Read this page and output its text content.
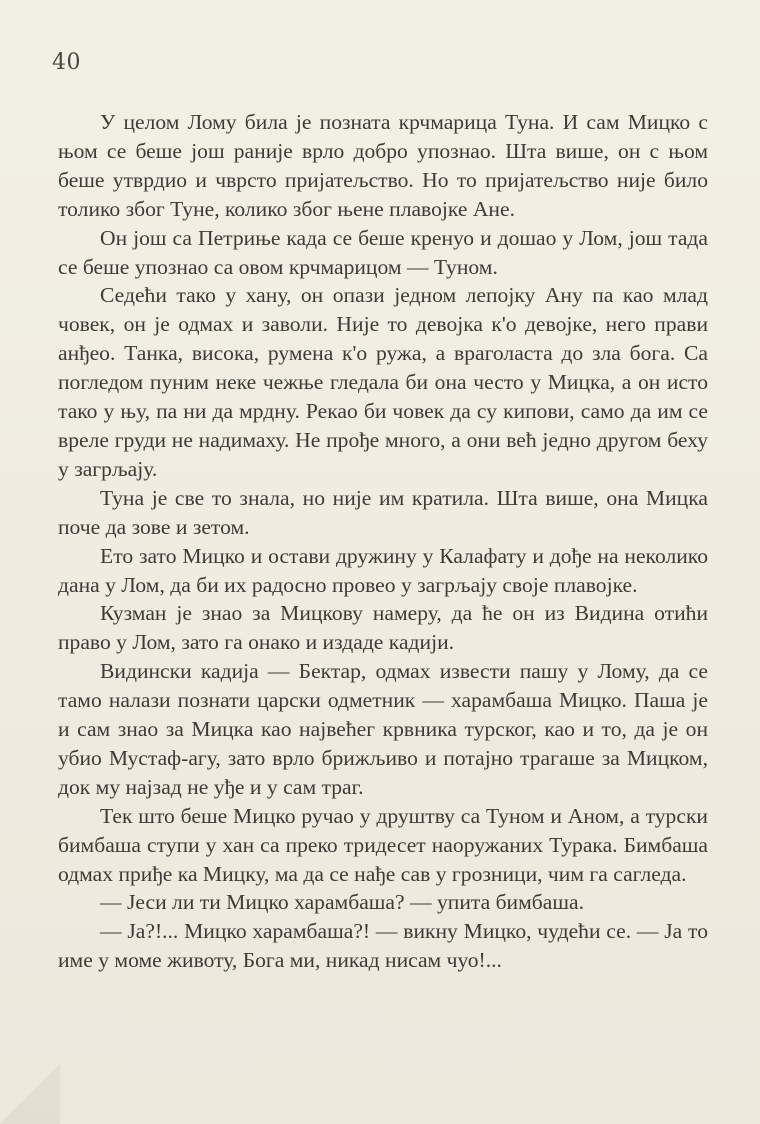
40

У целом Лому била је позната крчмарица Туна. И сам Мицко с њом се беше још раније врло добро упознао. Шта више, он с њом беше утврдио и чврсто пријатељство. Но то пријатељство није било толико због Туне, колико због њене плавојке Ане.

Он још са Петриње када се беше кренуо и дошао у Лом, још тада се беше упознао са овом крчмарицом — Туном.

Седећи тако у хану, он опази једном лепојку Ану па као млад човек, он је одмах и заволи. Није то девојка к'о девојке, него прави анђео. Танка, висока, румена к'о ружа, а враголаста до зла бога. Са погледом пуним неке чежње гледала би она често у Мицка, а он исто тако у њу, па ни да мрдну. Рекао би човек да су кипови, само да им се вреле груди не надимаху. Не прође много, а они већ једно другом беху у загрљају.

Туна је све то знала, но није им кратила. Шта више, она Мицка поче да зове и зетом.

Ето зато Мицко и остави дружину у Калафату и дође на неколико дана у Лом, да би их радосно провео у загрљају своје плавојке.

Кузман је знао за Мицкову намеру, да ће он из Видина отићи право у Лом, зато га онако и издаде кадији.

Видински кадија — Бектар, одмах извести пашу у Лому, да се тамо налази познати царски одметник — харамбаша Мицко. Паша је и сам знао за Мицка као највећег крвника турског, као и то, да је он убио Мустаф-агу, зато врло брижљиво и потајно трагаше за Мицком, док му најзад не уђе и у сам траг.

Тек што беше Мицко ручао у друштву са Туном и Аном, а турски бимбаша ступи у хан са преко тридесет наоружаних Турака. Бимбаша одмах приђе ка Мицку, ма да се нађе сав у грозници, чим га сагледа.

— Јеси ли ти Мицко харамбаша? — упита бимбаша.

— Ја?!... Мицко харамбаша?! — викну Мицко, чудећи се. — Ја то име у моме животу, Бога ми, никад нисам чуо!...
